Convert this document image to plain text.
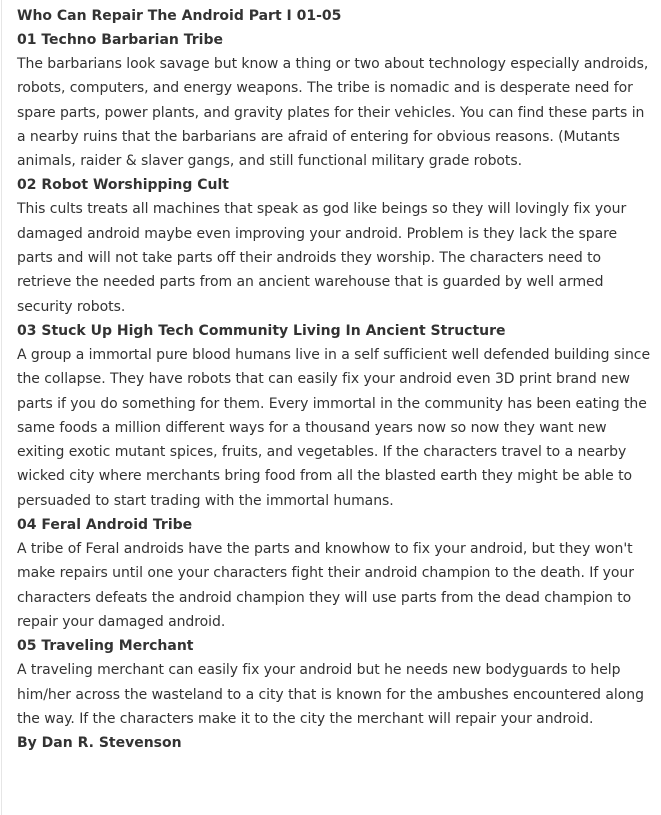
Who Can Repair The Android Part I 01-05
01 Techno Barbarian Tribe
The barbarians look savage but know a thing or two about technology especially androids, robots, computers, and energy weapons. The tribe is nomadic and is desperate need for spare parts, power plants, and gravity plates for their vehicles. You can find these parts in a nearby ruins that the barbarians are afraid of entering for obvious reasons. (Mutants animals, raider & slaver gangs, and still functional military grade robots.
02 Robot Worshipping Cult
This cults treats all machines that speak as god like beings so they will lovingly fix your damaged android maybe even improving your android. Problem is they lack the spare parts and will not take parts off their androids they worship. The characters need to retrieve the needed parts from an ancient warehouse that is guarded by well armed security robots.
03 Stuck Up High Tech Community Living In Ancient Structure
A group a immortal pure blood humans live in a self sufficient well defended building since the collapse. They have robots that can easily fix your android even 3D print brand new parts if you do something for them. Every immortal in the community has been eating the same foods a million different ways for a thousand years now so now they want new exiting exotic mutant spices, fruits, and vegetables. If the characters travel to a nearby wicked city where merchants bring food from all the blasted earth they might be able to persuaded to start trading with the immortal humans.
04 Feral Android Tribe
A tribe of Feral androids have the parts and knowhow to fix your android, but they won't make repairs until one your characters fight their android champion to the death. If your characters defeats the android champion they will use parts from the dead champion to repair your damaged android.
05 Traveling Merchant
A traveling merchant can easily fix your android but he needs new bodyguards to help him/her across the wasteland to a city that is known for the ambushes encountered along the way. If the characters make it to the city the merchant will repair your android.
By Dan R. Stevenson
